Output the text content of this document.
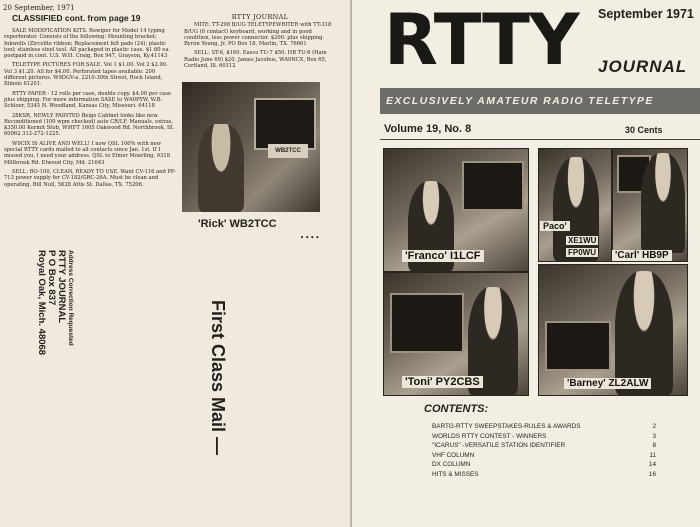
20 September, 1971
CLASSIFIED cont. from page 19

SALE MODIFICATION KITS. Rewiper for Model 14 typing reperforator. Consists of the following: Mounting bracket; Inkwells (Zircolite ribbon; Replacement felt pads (24); plastic tool; stainless steel tool. All packaged in plastic case. $1.60 ea. postpaid in cont. U.S. W.H. Craig, Box 947, Grayson, Ky.41143

TELETYPE PICTURES FOR SALE. Vol 1 $1.00. Vol 2 $2.00. Vol 3 $1.20. All for $4.00. Perforated tapes available: 200 different pictures. W9DGV-a. 2210-30th Street, Rock Island, Illinois 61201.

RTTY PAPER - 12 rolls per case, double copy. $4.00 per case plus shipping. For more information SASE to WA0PYW, W.B. Schloer, 5345 N. Woodland, Kansas City, Missouri. 64118

28KSR, NEWLY PAINTED Beige Cabinet looks like new. Reconditioned (100 wpm checked) auto CR/LF, Manuals, extras, $350.00 Kermit Stob, W9IFT 1605 Oakwood Rd. Northbrook, Ill. 60062 312-272-1225.

W9CIX IS ALIVE AND WELL! I now QSL 100% with new special RTTY cards mailed to all contacts since Jan. 1st. If I missed you, I need your address. QSL to Elmer Moerling, 9318 Millbrook Rd. Elwood City, Md. 21643

SELL: BO-100, CLEAN, READY TO USE. Want CV-116 and PP-713 power supply for CV-182/GRC-26A. Must be clean and operating. Bill Null, 5628 Attis St. Dallas, TX. 75206.

RTTY JOURNAL

MITE: TT-298 B/UG TELETYPEWRITER with TT-318 B/UG (6 contact) keyboard, working and in good condition, less power connector. $200. plus shipping. Byron Young, Jr. PO Box 18, Marlin, TX. 76661

SELL: ST-6, $160. Easco TU-7 $50. HB TU-6 (Ham Radio June 69) $20. James Jacobus, WA9NCX, Box 65, Cortland, Ill. 60112

WB2TCC
'Rick' WB2TCC
••••
Address Correction Requested
RTTY JOURNAL
P O Box 837
Royal Oak, Mich. 48068	First Class Mail —
RTTY September 1971
JOURNAL
EXCLUSIVELY AMATEUR RADIO TELETYPE
Volume 19, No. 8	30 Cents
'Franco' I1LCF
Paco'
XE1WU
FP0WU	'Carl' HB9P
'Toni' PY2CBS	'Barney' ZL2ALW
CONTENTS:
BARTG-RTTY SWEEPSTAKES-RULES & AWARDS	2
WORLDS RTTY CONTEST - WINNERS	3
"ICARUS" -VERSATILE STATION IDENTIFIER	8
VHF COLUMN	11
DX COLUMN	14
HITS & MISSES	16
